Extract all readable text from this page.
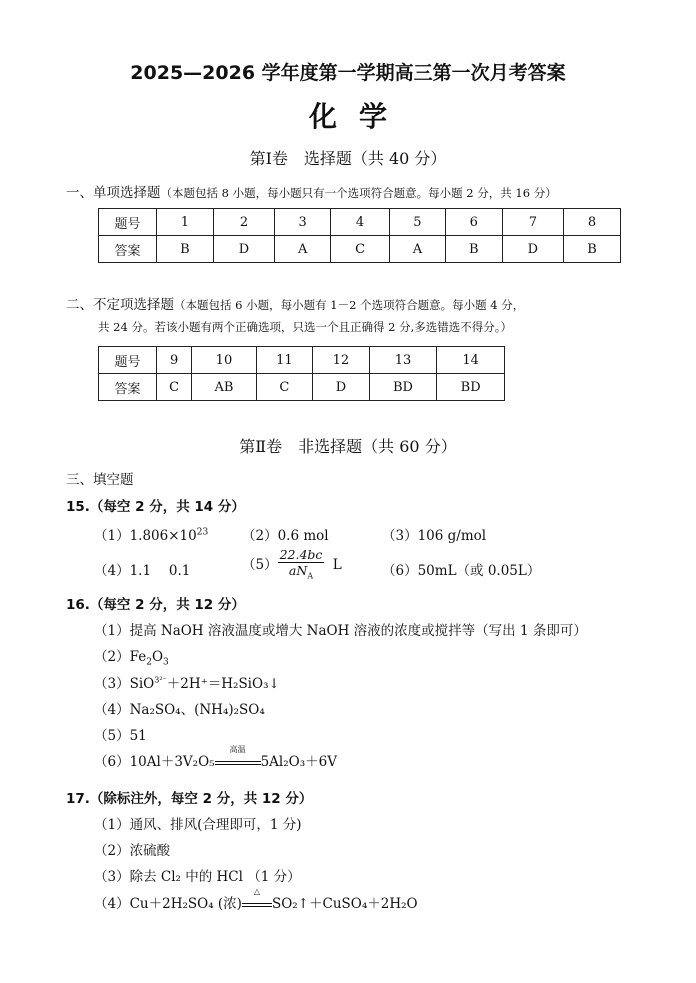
2025—2026 学年度第一学期高三第一次月考答案
化学
第Ⅰ卷　选择题（共 40 分）
一、单项选择题（本题包括 8 小题，每小题只有一个选项符合题意。每小题 2 分，共 16 分）
题号	1	2	3	4	5	6	7	8
答案	B	D	A	C	A	B	D	B
二、不定项选择题（本题包括 6 小题，每小题有 1－2 个选项符合题意。每小题 4 分，
共 24 分。若该小题有两个正确选项，只选一个且正确得 2 分,多选错选不得分。）
题号	9	10	11	12	13	14
答案	C	AB	C	D	BD	BD
第Ⅱ卷　非选择题（共 60 分）
三、填空题
15.（每空 2 分，共 14 分）
$(1)1.806\times 10^{23}$	（2）0.6 mol	（3）106 g/mol
（4）1.1　 0.1	$(5) \frac{22.4bc}{aN_A}$ L	（6）50mL（或 0.05L）
16.（每空 2 分，共 12 分）
（1）提高 NaOH 溶液温度或增大 NaOH 溶液的浓度或搅拌等（写出 1 条即可）
$(2)Fe_2O_3$
（3）SiO$^{3^{2-}}$＋2H⁺＝H₂SiO₃↓
（4）Na₂SO₄、(NH₄)₂SO₄
（5）51
（6）10Al＋3V₂O₅
高温
5Al₂O₃＋6V
17.（除标注外，每空 2 分，共 12 分）
（1）通风、排风(合理即可，1 分)
（2）浓硫酸
（3）除去 Cl₂ 中的 HCl （1 分）
（4）Cu＋2H₂SO₄ (浓)
△
SO₂↑＋CuSO₄＋2H₂O
